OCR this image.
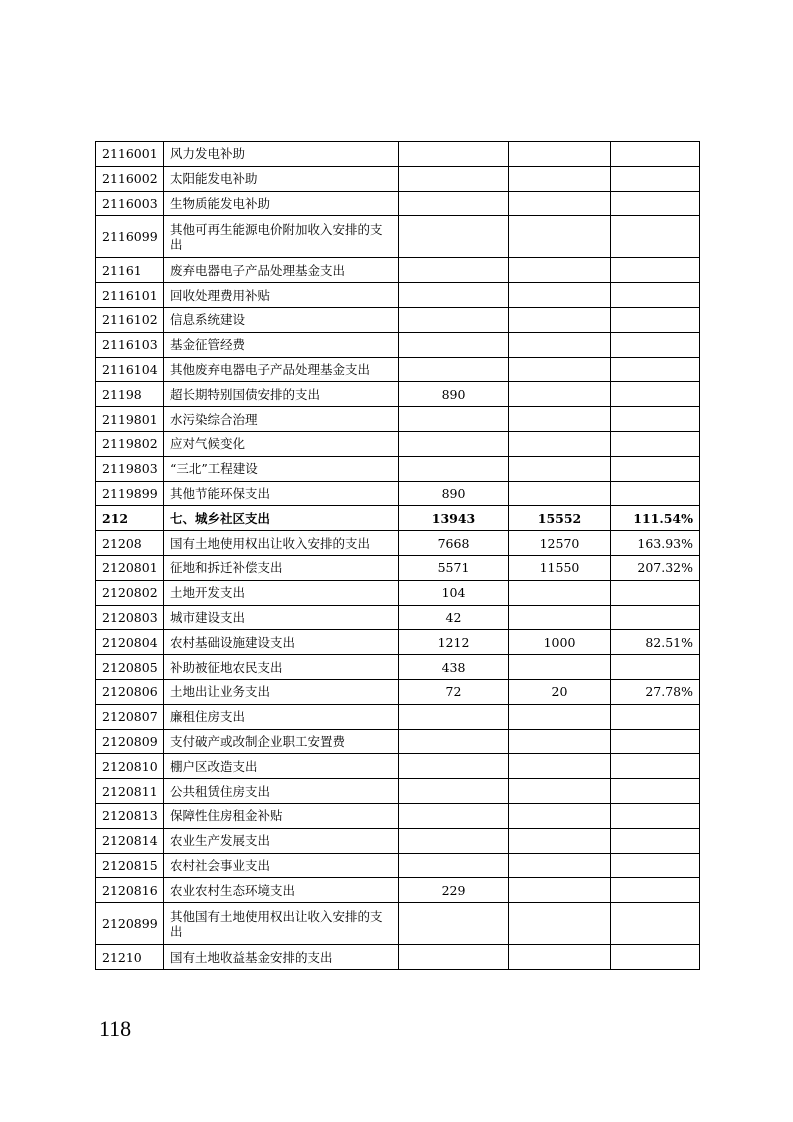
2116001	风力发电补助			
2116002	太阳能发电补助			
2116003	生物质能发电补助			
2116099	其他可再生能源电价附加收入安排的支出			
21161	废弃电器电子产品处理基金支出			
2116101	回收处理费用补贴			
2116102	信息系统建设			
2116103	基金征管经费			
2116104	其他废弃电器电子产品处理基金支出			
21198	超长期特别国债安排的支出	890		
2119801	水污染综合治理			
2119802	应对气候变化			
2119803	“三北”工程建设			
2119899	其他节能环保支出	890		
212	七、城乡社区支出	13943	15552	111.54%
21208	国有土地使用权出让收入安排的支出	7668	12570	163.93%
2120801	征地和拆迁补偿支出	5571	11550	207.32%
2120802	土地开发支出	104		
2120803	城市建设支出	42		
2120804	农村基础设施建设支出	1212	1000	82.51%
2120805	补助被征地农民支出	438		
2120806	土地出让业务支出	72	20	27.78%
2120807	廉租住房支出			
2120809	支付破产或改制企业职工安置费			
2120810	棚户区改造支出			
2120811	公共租赁住房支出			
2120813	保障性住房租金补贴			
2120814	农业生产发展支出			
2120815	农村社会事业支出			
2120816	农业农村生态环境支出	229		
2120899	其他国有土地使用权出让收入安排的支出			
21210	国有土地收益基金安排的支出			
118
